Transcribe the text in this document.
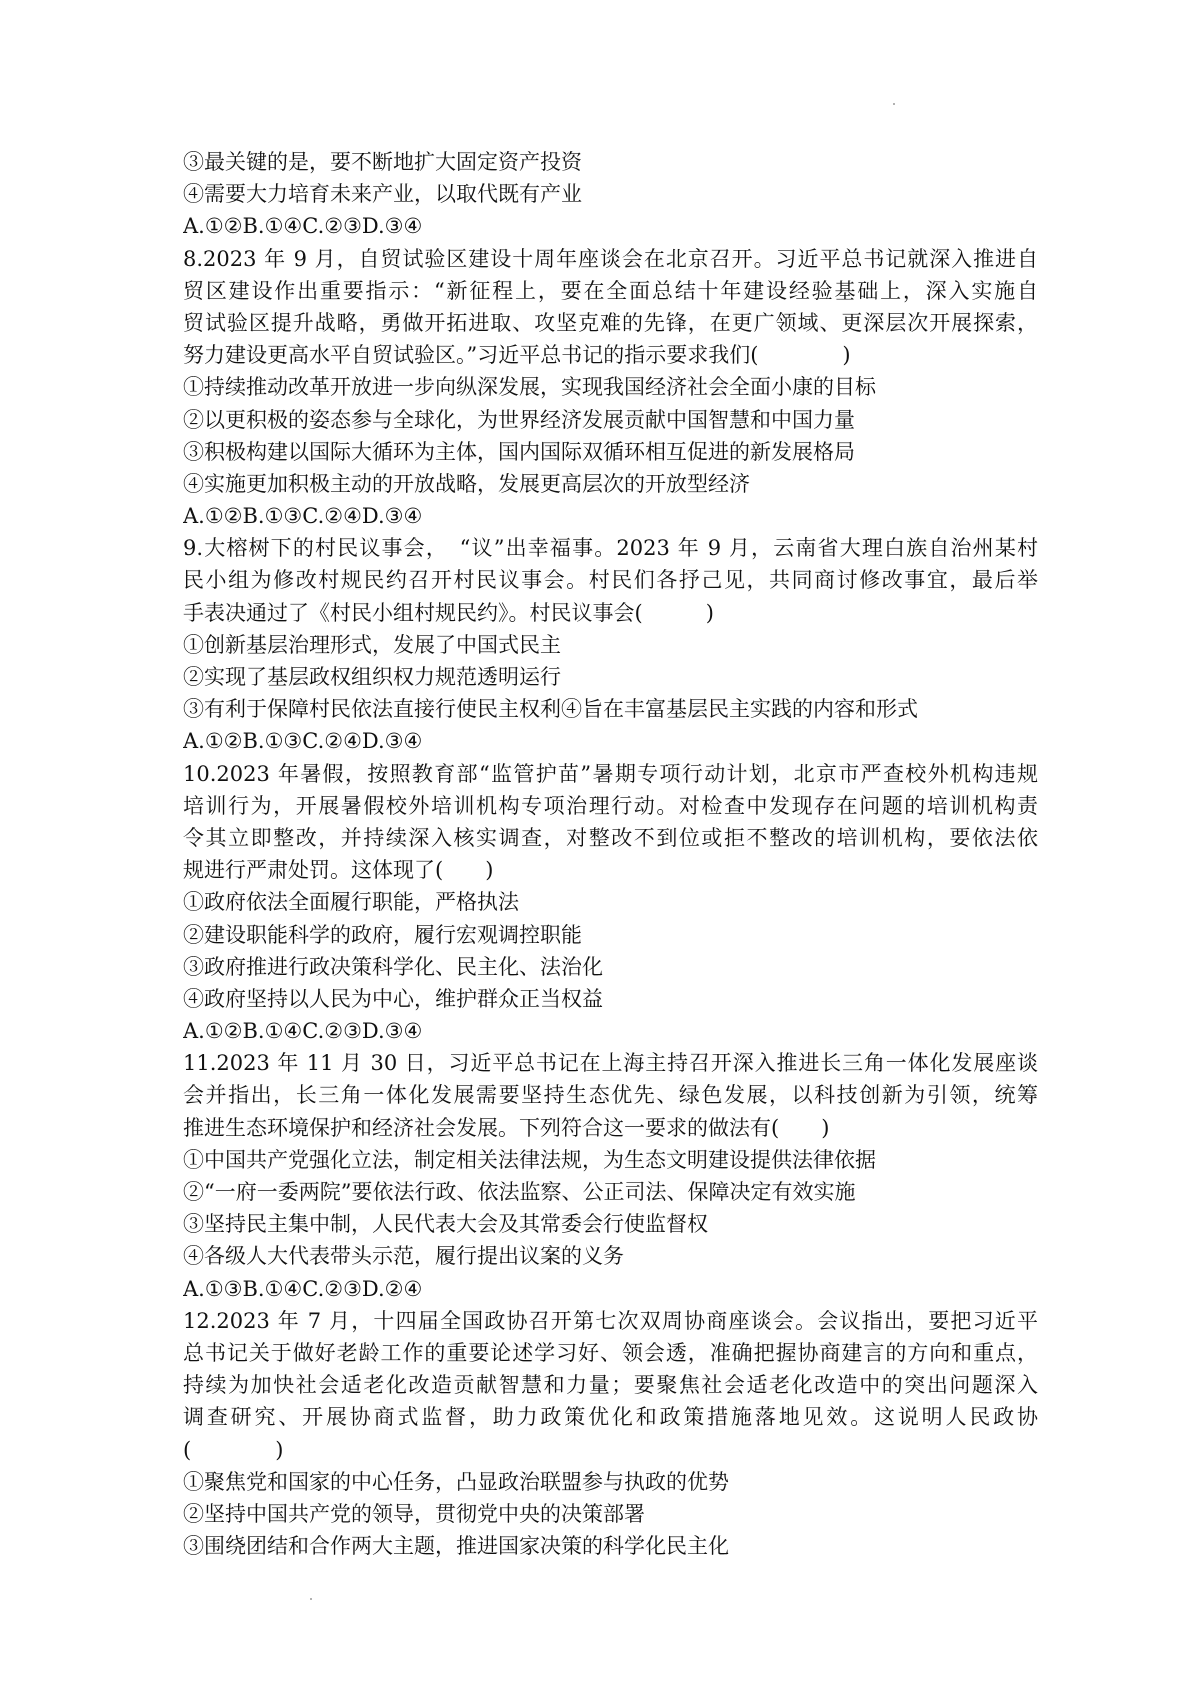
③最关键的是，要不断地扩大固定资产投资
④需要大力培育未来产业，以取代既有产业
A.①②B.①④C.②③D.③④
8.2023 年 9 月，自贸试验区建设十周年座谈会在北京召开。习近平总书记就深入推进自
贸区建设作出重要指示：“新征程上，要在全面总结十年建设经验基础上，深入实施自
贸试验区提升战略，勇做开拓进取、攻坚克难的先锋，在更广领域、更深层次开展探索，
努力建设更高水平自贸试验区。”习近平总书记的指示要求我们(　　　　)
①持续推动改革开放进一步向纵深发展，实现我国经济社会全面小康的目标
②以更积极的姿态参与全球化，为世界经济发展贡献中国智慧和中国力量
③积极构建以国际大循环为主体，国内国际双循环相互促进的新发展格局
④实施更加积极主动的开放战略，发展更高层次的开放型经济
A.①②B.①③C.②④D.③④
9.大榕树下的村民议事会，　“议”出幸福事。2023 年 9 月，云南省大理白族自治州某村
民小组为修改村规民约召开村民议事会。村民们各抒己见，共同商讨修改事宜，最后举
手表决通过了《村民小组村规民约》。村民议事会(　　　)
①创新基层治理形式，发展了中国式民主
②实现了基层政权组织权力规范透明运行
③有利于保障村民依法直接行使民主权利④旨在丰富基层民主实践的内容和形式
A.①②B.①③C.②④D.③④
10.2023 年暑假，按照教育部“监管护苗”暑期专项行动计划，北京市严查校外机构违规
培训行为，开展暑假校外培训机构专项治理行动。对检查中发现存在问题的培训机构责
令其立即整改，并持续深入核实调查，对整改不到位或拒不整改的培训机构，要依法依
规进行严肃处罚。这体现了(　　)
①政府依法全面履行职能，严格执法
②建设职能科学的政府，履行宏观调控职能
③政府推进行政决策科学化、民主化、法治化
④政府坚持以人民为中心，维护群众正当权益
A.①②B.①④C.②③D.③④
11.2023 年 11 月 30 日，习近平总书记在上海主持召开深入推进长三角一体化发展座谈
会并指出，长三角一体化发展需要坚持生态优先、绿色发展，以科技创新为引领，统筹
推进生态环境保护和经济社会发展。下列符合这一要求的做法有(　　)
①中国共产党强化立法，制定相关法律法规，为生态文明建设提供法律依据
②“一府一委两院”要依法行政、依法监察、公正司法、保障决定有效实施
③坚持民主集中制，人民代表大会及其常委会行使监督权
④各级人大代表带头示范，履行提出议案的义务
A.①③B.①④C.②③D.②④
12.2023 年 7 月，十四届全国政协召开第七次双周协商座谈会。会议指出，要把习近平
总书记关于做好老龄工作的重要论述学习好、领会透，准确把握协商建言的方向和重点，
持续为加快社会适老化改造贡献智慧和力量；要聚焦社会适老化改造中的突出问题深入
调查研究、开展协商式监督，助力政策优化和政策措施落地见效。这说明人民政协
(　　　　)
①聚焦党和国家的中心任务，凸显政治联盟参与执政的优势
②坚持中国共产党的领导，贯彻党中央的决策部署
③围绕团结和合作两大主题，推进国家决策的科学化民主化
